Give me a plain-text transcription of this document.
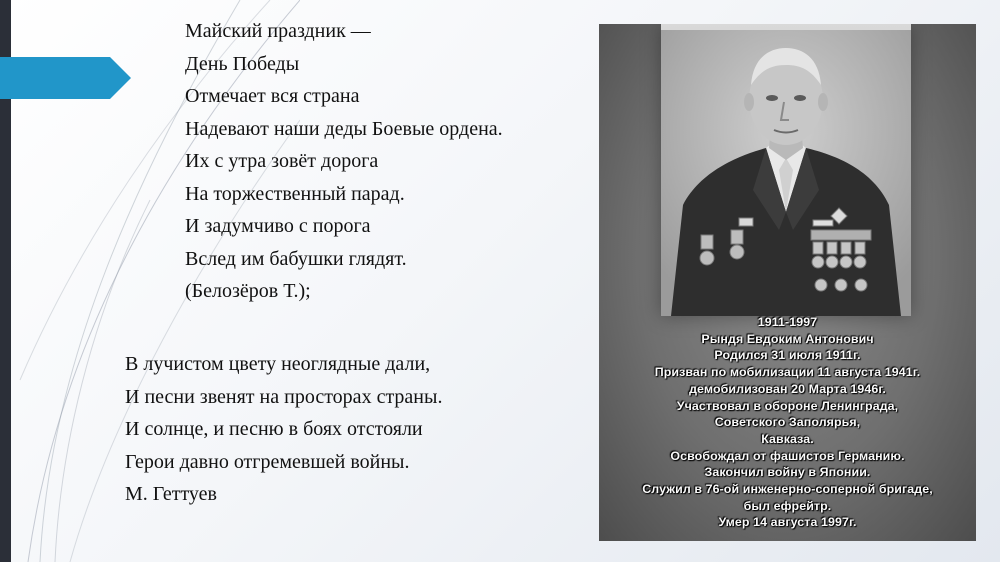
Майский праздник —
День Победы
Отмечает вся страна
Надевают наши деды Боевые ордена.
Их с утра зовёт дорога
На торжественный парад.
И задумчиво с порога
Вслед им бабушки глядят.
(Белозёров Т.);
В лучистом цвету неоглядные дали,
И песни звенят на просторах страны.
И солнце, и песню в боях отстояли
Герои давно отгремевшей войны.
М. Геттуев
1911-1997
Рындя Евдоким Антонович
Родился 31 июля 1911г.
Призван по мобилизации 11 августа 1941г.
демобилизован 20 Марта 1946г.
Участвовал в обороне Ленинграда,
Советского Заполярья,
Кавказа.
Освобождал от фашистов Германию.
Закончил войну в Японии.
Служил в 76-ой инженерно-соперной бригаде,
был ефрейтр.
Умер 14 августа 1997г.
